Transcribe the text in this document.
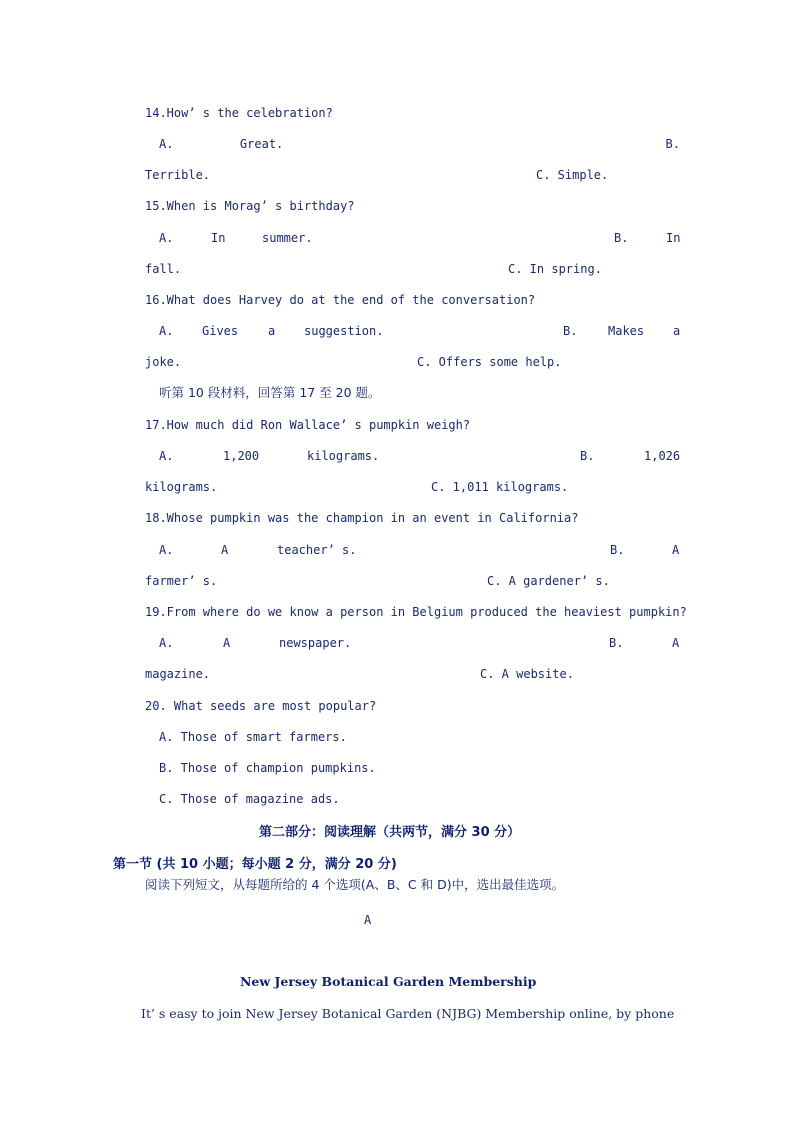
14.How’ s the celebration?
A.	Great.	B.
Terrible.	C. Simple.
15.When is Morag’ s birthday?
A.	In	summer.	B.	In
fall.	C. In spring.
16.What does Harvey do at the end of the conversation?
A. Gives a suggestion.	B.	Makes a
joke.	C. Offers some help.
听第 10 段材料，回答第 17 至 20 题。
17.How much did Ron Wallace’ s pumpkin weigh?
A.	1,200	kilograms.	B.	1,026
kilograms.	C. 1,011 kilograms.
18.Whose pumpkin was the champion in an event in California?
A.	A	teacher’ s.	B.	A
farmer’ s.	C. A gardener’ s.
19.From where do we know a person in Belgium produced the heaviest pumpkin?
A.	A	newspaper.	B.	A
magazine.	C. A website.
20. What seeds are most popular?
A. Those of smart farmers.
B. Those of champion pumpkins.
C. Those of magazine ads.
第二部分：阅读理解（共两节，满分 30 分）
第一节 (共 10 小题；每小题 2 分，满分 20 分)
阅读下列短文，从每题所给的 4 个选项(A、B、C 和 D)中，选出最佳选项。
A
New Jersey Botanical Garden Membership
It’ s easy to join New Jersey Botanical Garden (NJBG) Membership online, by phone
